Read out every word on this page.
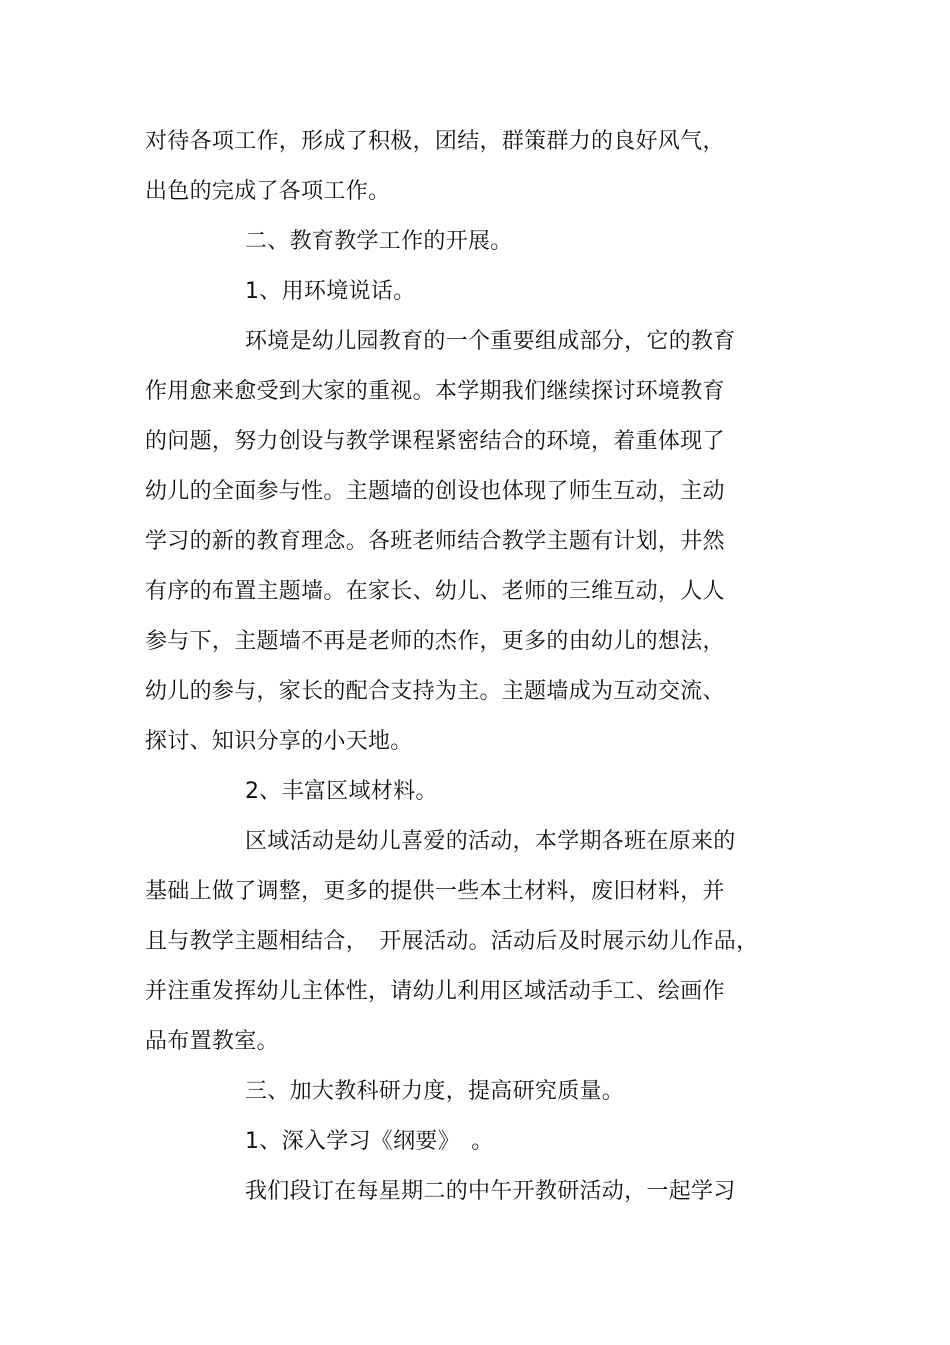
对待各项工作，形成了积极，团结，群策群力的良好风气，
出色的完成了各项工作。
二、教育教学工作的开展。
1、用环境说话。
环境是幼儿园教育的一个重要组成部分，它的教育
作用愈来愈受到大家的重视。本学期我们继续探讨环境教育
的问题，努力创设与教学课程紧密结合的环境，着重体现了
幼儿的全面参与性。主题墙的创设也体现了师生互动，主动
学习的新的教育理念。各班老师结合教学主题有计划，井然
有序的布置主题墙。在家长、幼儿、老师的三维互动，人人
参与下，主题墙不再是老师的杰作，更多的由幼儿的想法，
幼儿的参与，家长的配合支持为主。主题墙成为互动交流、
探讨、知识分享的小天地。
2、丰富区域材料。
区域活动是幼儿喜爱的活动，本学期各班在原来的
基础上做了调整，更多的提供一些本土材料，废旧材料，并
且与教学主题相结合，　开展活动。活动后及时展示幼儿作品，
并注重发挥幼儿主体性，请幼儿利用区域活动手工、绘画作
品布置教室。
三、加大教科研力度，提高研究质量。
1、深入学习《纲要》　。
我们段订在每星期二的中午开教研活动，一起学习
